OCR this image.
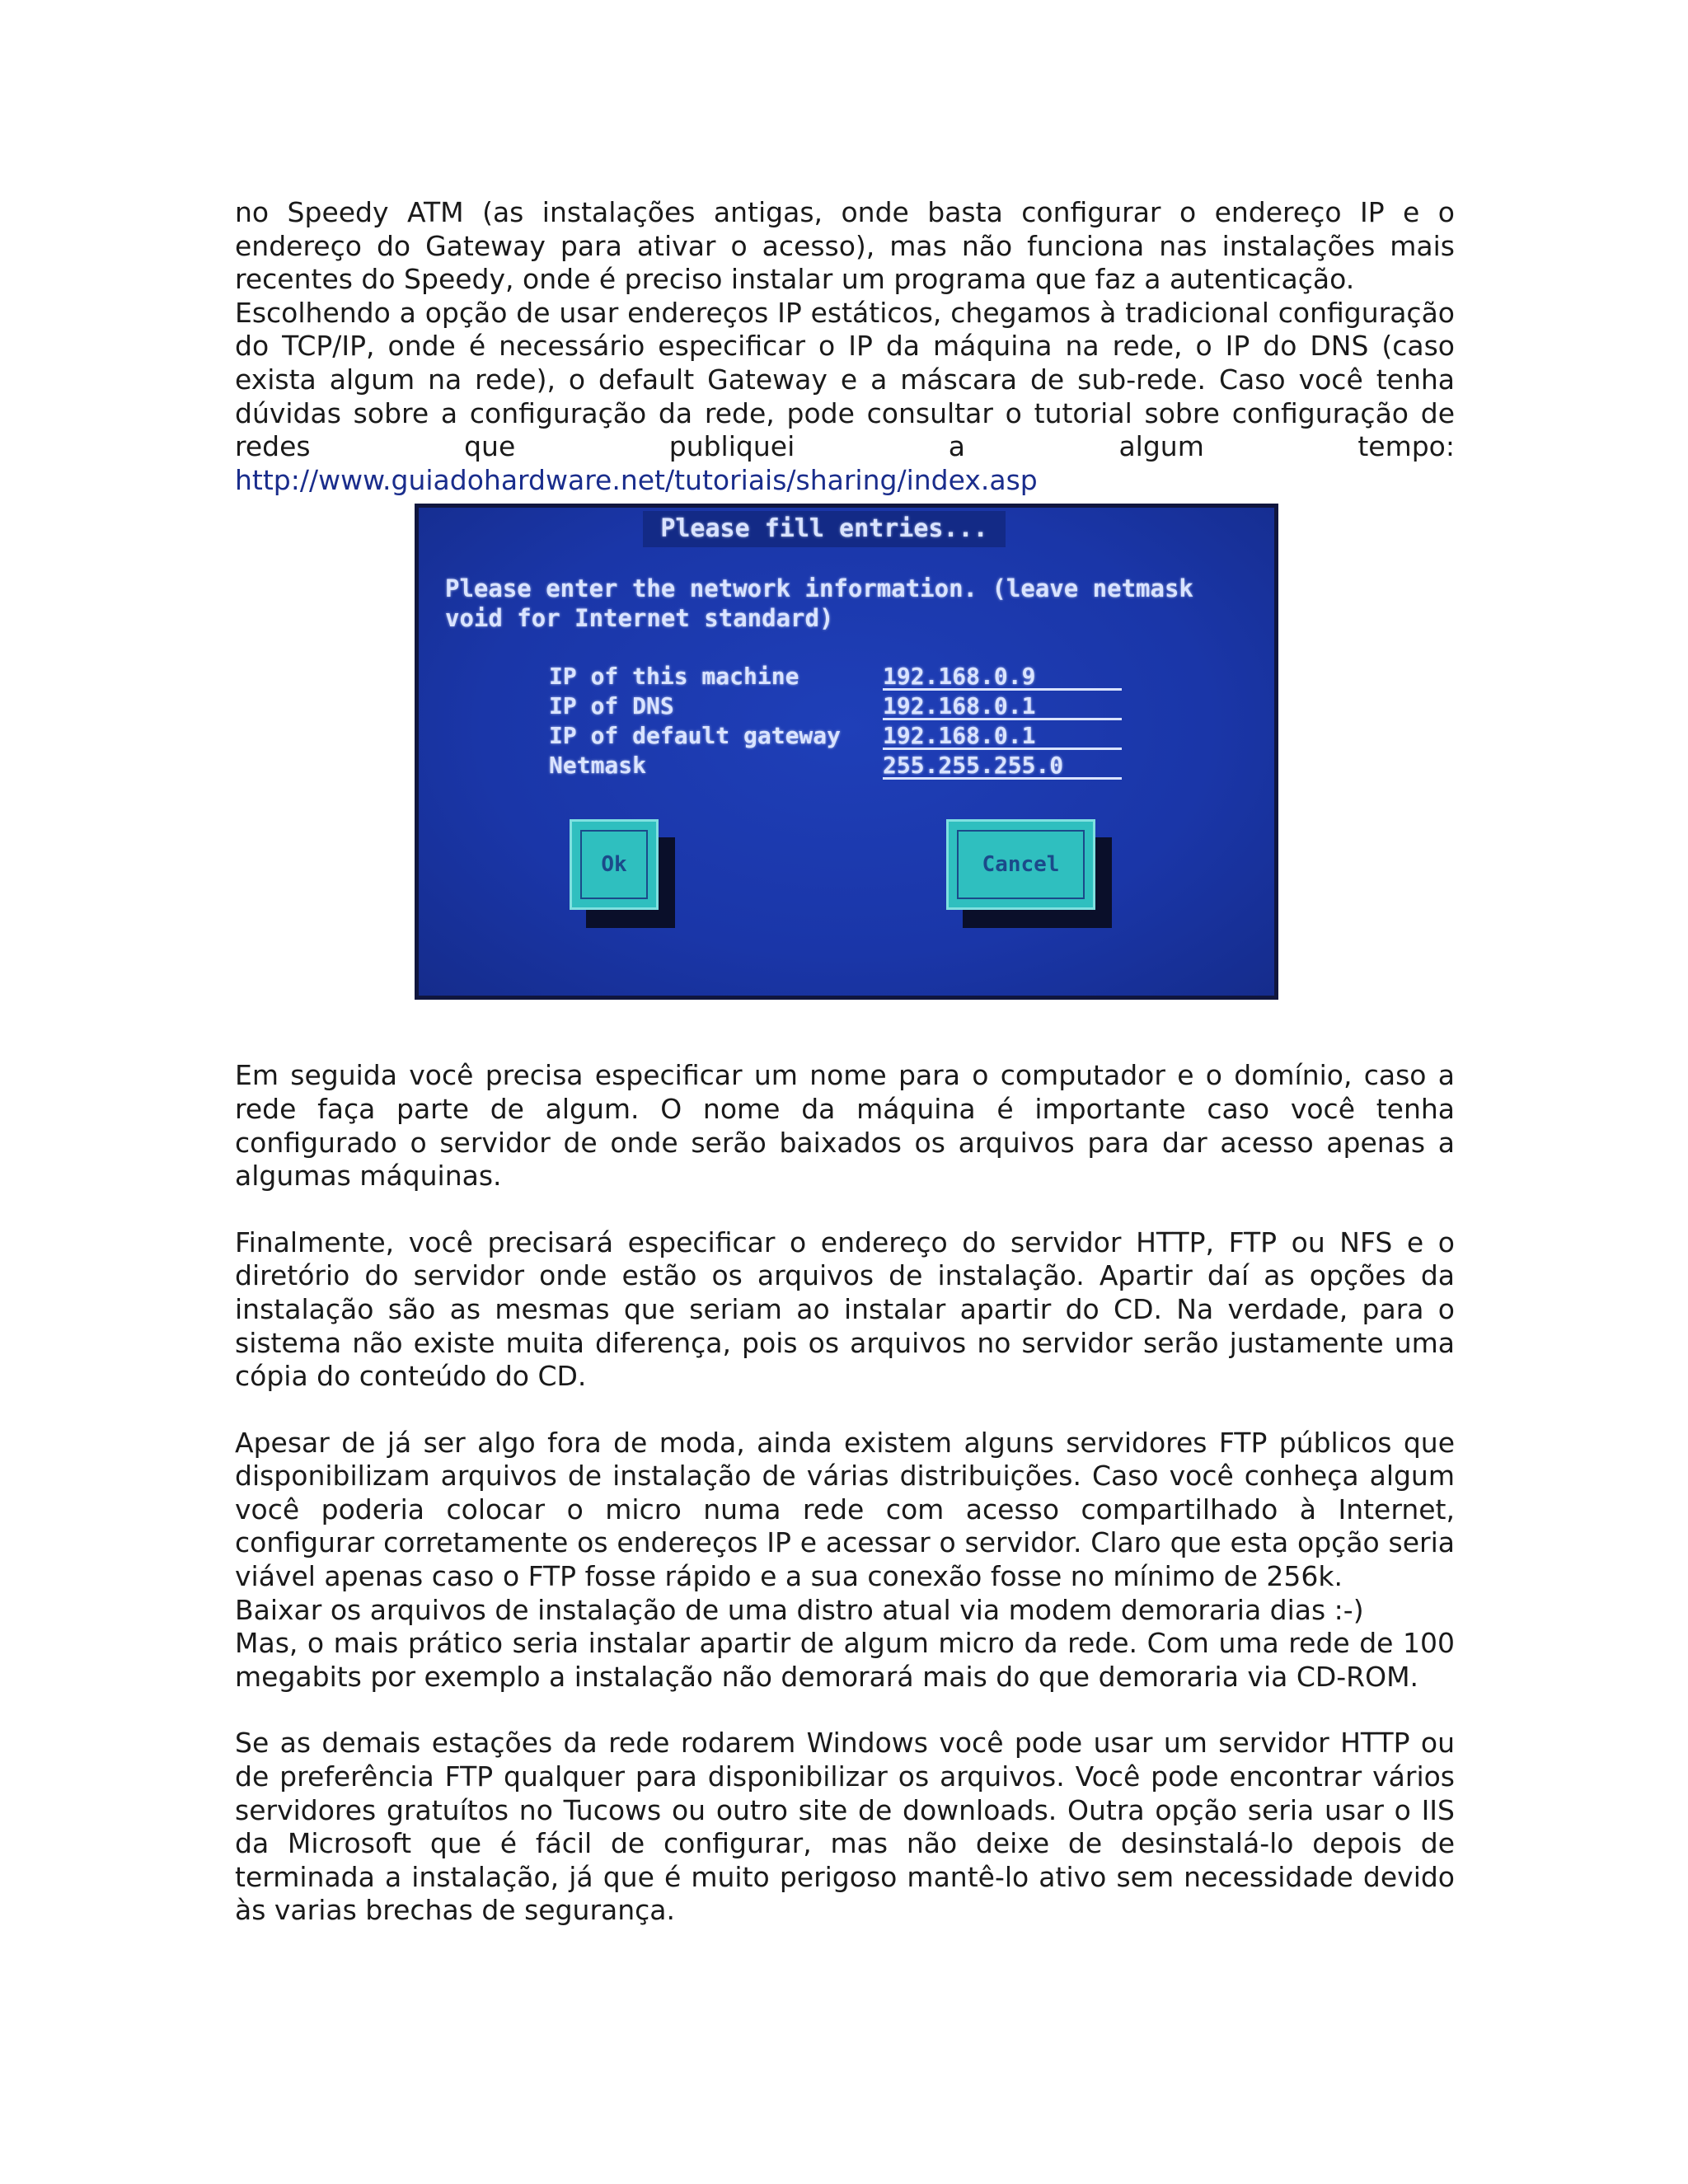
no Speedy ATM (as instalações antigas, onde basta configurar o endereço IP e o endereço do Gateway para ativar o acesso), mas não funciona nas instalações mais recentes do Speedy, onde é preciso instalar um programa que faz a autenticação.

Escolhendo a opção de usar endereços IP estáticos, chegamos à tradicional configuração do TCP/IP, onde é necessário especificar o IP da máquina na rede, o IP do DNS (caso exista algum na rede), o default Gateway e a máscara de sub-rede. Caso você tenha dúvidas sobre a configuração da rede, pode consultar o tutorial sobre configuração de redes que publiquei a algum tempo:

http://www.guiadohardware.net/tutoriais/sharing/index.asp

Please fill entries...
Please enter the network information. (leave netmask
void for Internet standard)
IP of this machine	192.168.0.9
IP of DNS	192.168.0.1
IP of default gateway 192.168.0.1
Netmask	255.255.255.0
Ok	Cancel

Em seguida você precisa especificar um nome para o computador e o domínio, caso a rede faça parte de algum. O nome da máquina é importante caso você tenha configurado o servidor de onde serão baixados os arquivos para dar acesso apenas a algumas máquinas.

Finalmente, você precisará especificar o endereço do servidor HTTP, FTP ou NFS e o diretório do servidor onde estão os arquivos de instalação. Apartir daí as opções da instalação são as mesmas que seriam ao instalar apartir do CD. Na verdade, para o sistema não existe muita diferença, pois os arquivos no servidor serão justamente uma cópia do conteúdo do CD.

Apesar de já ser algo fora de moda, ainda existem alguns servidores FTP públicos que disponibilizam arquivos de instalação de várias distribuições. Caso você conheça algum você poderia colocar o micro numa rede com acesso compartilhado à Internet, configurar corretamente os endereços IP e acessar o servidor. Claro que esta opção seria viável apenas caso o FTP fosse rápido e a sua conexão fosse no mínimo de 256k.

Baixar os arquivos de instalação de uma distro atual via modem demoraria dias :-)

Mas, o mais prático seria instalar apartir de algum micro da rede. Com uma rede de 100 megabits por exemplo a instalação não demorará mais do que demoraria via CD-ROM.

Se as demais estações da rede rodarem Windows você pode usar um servidor HTTP ou de preferência FTP qualquer para disponibilizar os arquivos. Você pode encontrar vários servidores gratuítos no Tucows ou outro site de downloads. Outra opção seria usar o IIS da Microsoft que é fácil de configurar, mas não deixe de desinstalá-lo depois de terminada a instalação, já que é muito perigoso mantê-lo ativo sem necessidade devido às varias brechas de segurança.
